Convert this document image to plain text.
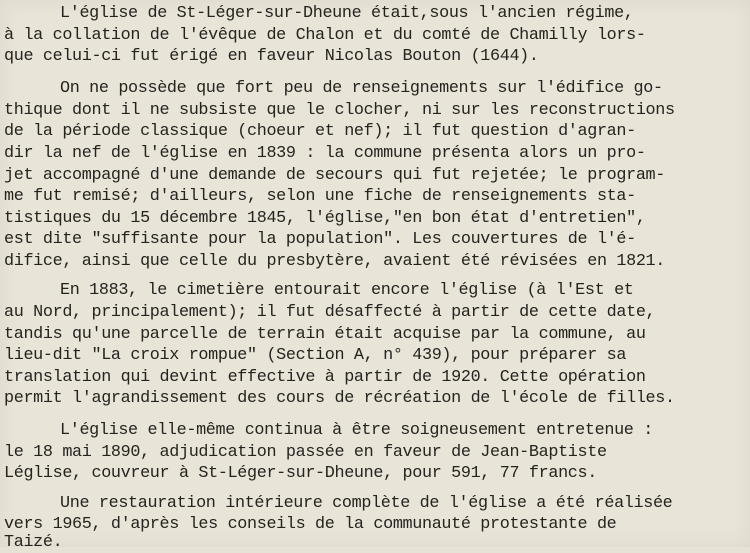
L'église de St-Léger-sur-Dheune était,sous l'ancien régime,
à la collation de l'évêque de Chalon et du comté de Chamilly lors-
que celui-ci fut érigé en faveur Nicolas Bouton (1644).
On ne possède que fort peu de renseignements sur l'édifice go-
thique dont il ne subsiste que le clocher, ni sur les reconstructions
de la période classique (choeur et nef); il fut question d'agran-
dir la nef de l'église en 1839 : la commune présenta alors un pro-
jet accompagné d'une demande de secours qui fut rejetée; le program-
me fut remisé; d'ailleurs, selon une fiche de renseignements sta-
tistiques du 15 décembre 1845, l'église,"en bon état d'entretien",
est dite "suffisante pour la population". Les couvertures de l'é-
difice, ainsi que celle du presbytère, avaient été révisées en 1821.
En 1883, le cimetière entourait encore l'église (à l'Est et
au Nord, principalement); il fut désaffecté à partir de cette date,
tandis qu'une parcelle de terrain était acquise par la commune, au
lieu-dit "La croix rompue" (Section A, n° 439), pour préparer sa
translation qui devint effective à partir de 1920. Cette opération
permit l'agrandissement des cours de récréation de l'école de filles.
L'église elle-même continua à être soigneusement entretenue :
le 18 mai 1890, adjudication passée en faveur de Jean-Baptiste
Léglise, couvreur à St-Léger-sur-Dheune, pour 591, 77 francs.
Une restauration intérieure complète de l'église a été réalisée
vers 1965, d'après les conseils de la communauté protestante de
Taizé.
